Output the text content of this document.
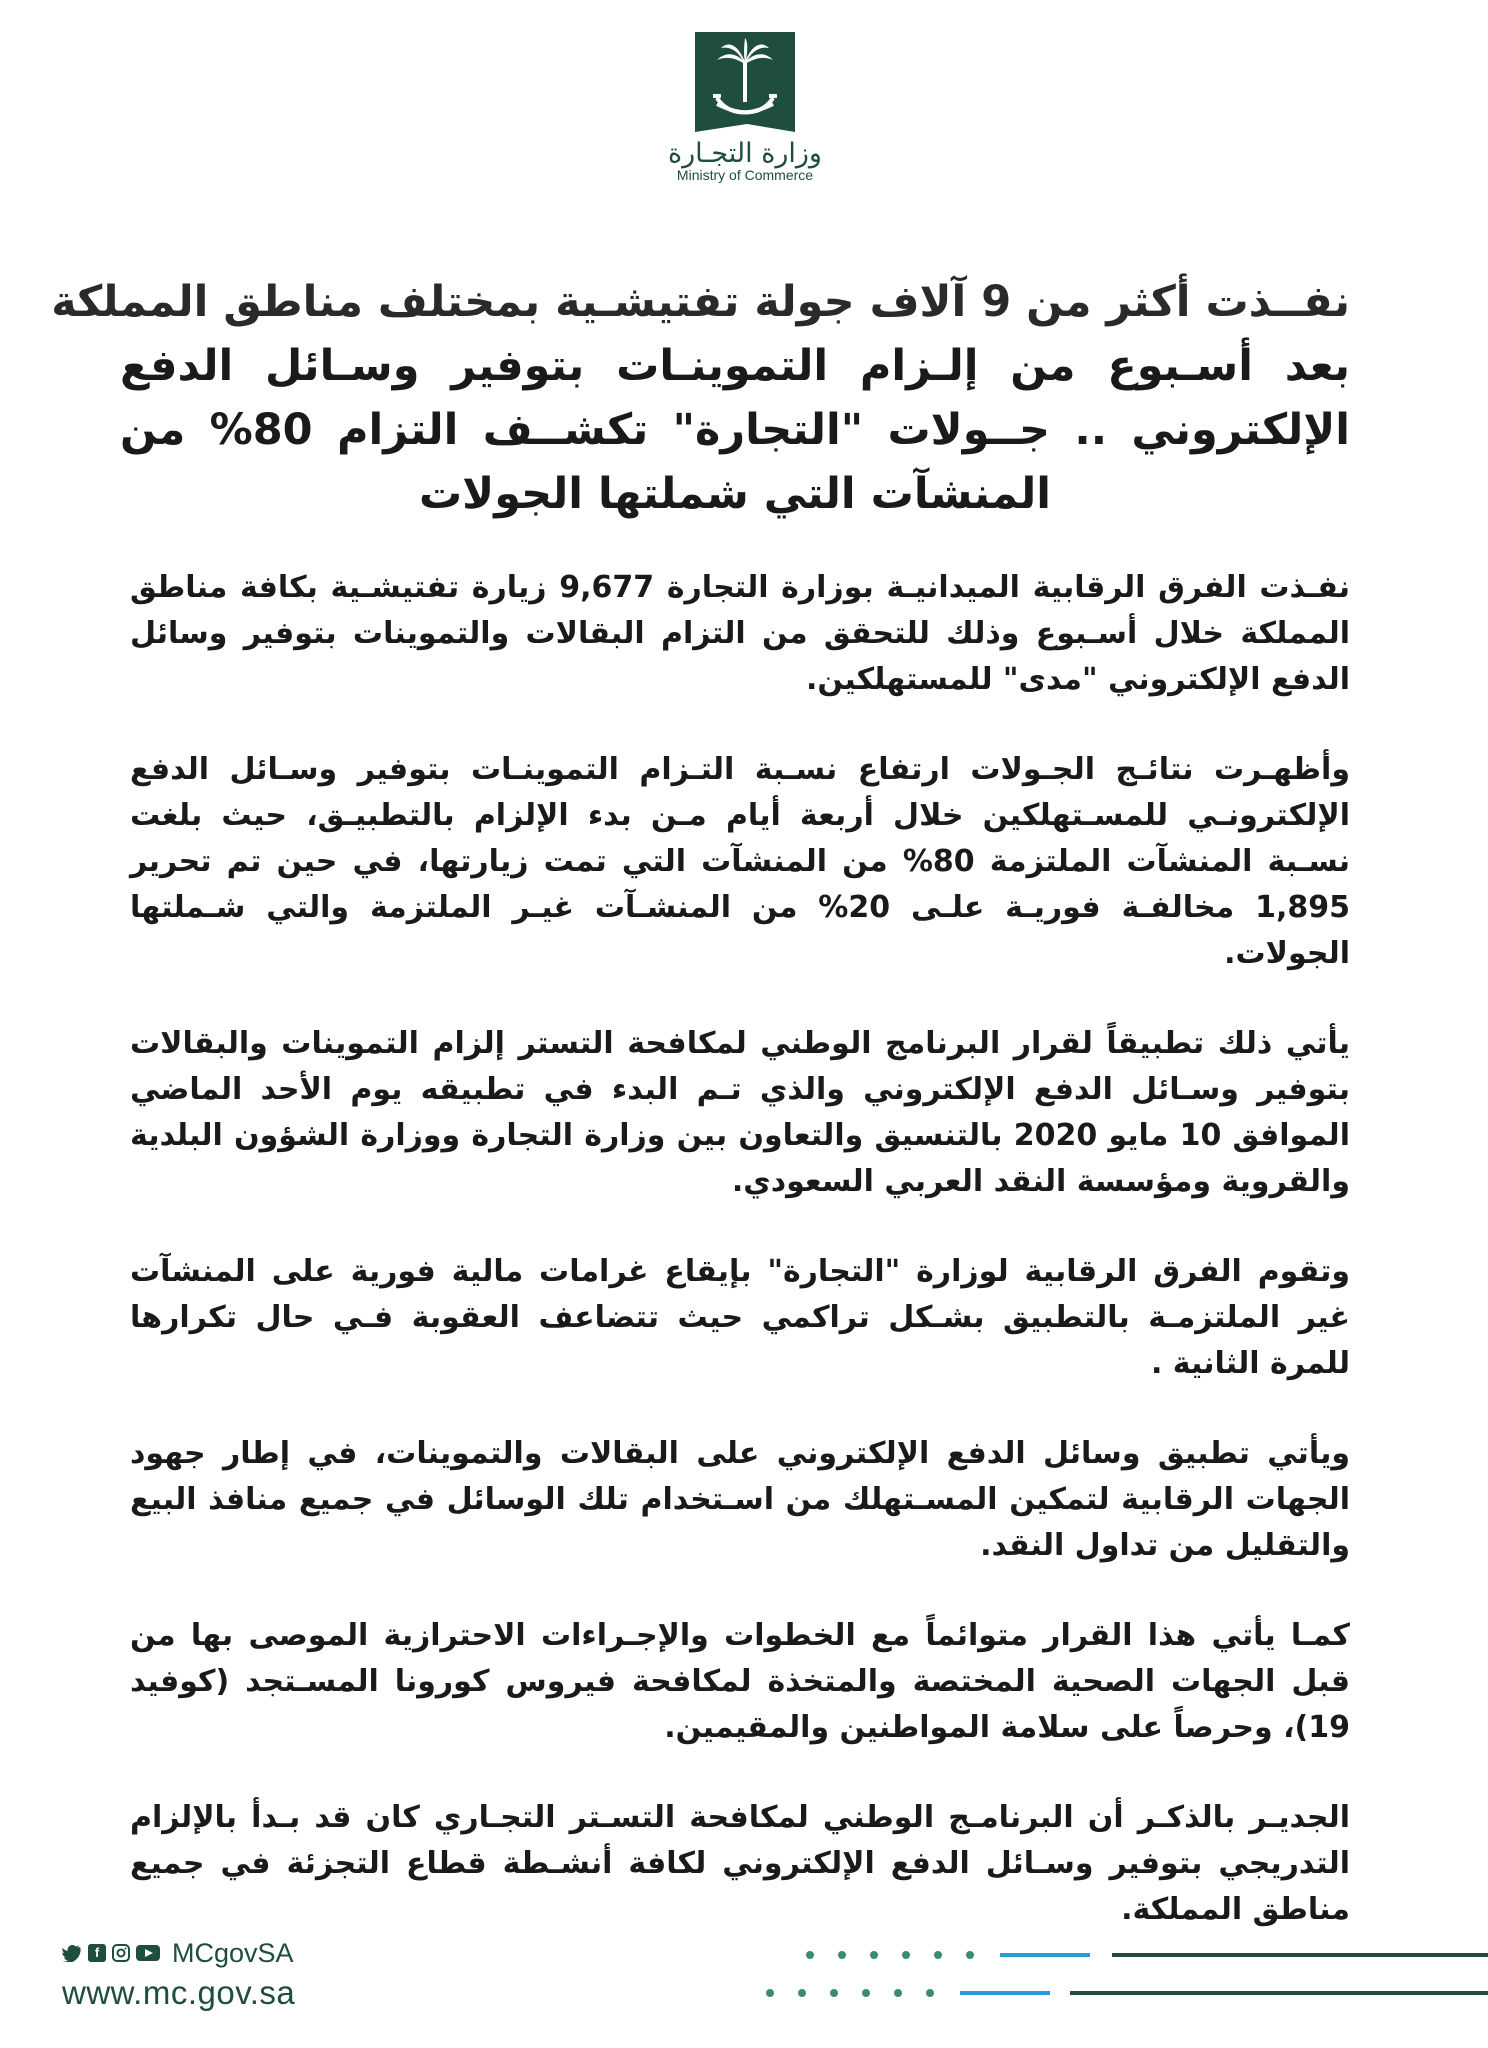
وزارة التجـارة
Ministry of Commerce
نفــذت أكثر من 9 آلاف جولة تفتيشـية بمختلف مناطق المملكة
بعد أسـبوع من إلـزام التموينـات بتوفير وسـائل الدفع
الإلكتروني .. جــولات "التجارة" تكشــف التزام 80% من
المنشآت التي شملتها الجولات

نفـذت الفرق الرقابية الميدانيـة بوزارة التجارة 9,677 زيارة تفتيشـية بكافة مناطق المملكة خلال أسـبوع وذلك للتحقق من التزام البقالات والتموينات بتوفير وسائل الدفع الإلكتروني "مدى" للمستهلكين.

وأظهـرت نتائـج الجـولات ارتفاع نسـبة التـزام التموينـات بتوفير وسـائل الدفع الإلكترونـي للمسـتهلكين خلال أربعة أيام مـن بدء الإلزام بالتطبيـق، حيث بلغت نسـبة المنشآت الملتزمة 80% من المنشآت التي تمت زيارتها، في حين تم تحرير 1,895 مخالفـة فوريـة علـى 20% من المنشـآت غيـر الملتزمة والتي شـملتها الجولات.

يأتي ذلك تطبيقاً لقرار البرنامج الوطني لمكافحة التستر إلزام التموينات والبقالات بتوفير وسـائل الدفع الإلكتروني والذي تـم البدء في تطبيقه يوم الأحد الماضي الموافق 10 مايو 2020 بالتنسيق والتعاون بين وزارة التجارة ووزارة الشؤون البلدية والقروية ومؤسسة النقد العربي السعودي.

وتقوم الفرق الرقابية لوزارة "التجارة" بإيقاع غرامات مالية فورية على المنشآت غير الملتزمـة بالتطبيق بشـكل تراكمي حيث تتضاعف العقوبة فـي حال تكرارها للمرة الثانية .

ويأتي تطبيق وسائل الدفع الإلكتروني على البقالات والتموينات، في إطار جهود الجهات الرقابية لتمكين المسـتهلك من اسـتخدام تلك الوسائل في جميع منافذ البيع والتقليل من تداول النقد.

كمـا يأتي هذا القرار متوائماً مع الخطوات والإجـراءات الاحترازية الموصى بها من قبل الجهات الصحية المختصة والمتخذة لمكافحة فيروس كورونا المسـتجد (كوفيد 19)، وحرصاً على سلامة المواطنين والمقيمين.

الجديـر بالذكـر أن البرنامـج الوطني لمكافحة التسـتر التجـاري كان قد بـدأ بالإلزام التدريجي بتوفير وسـائل الدفع الإلكتروني لكافة أنشـطة قطاع التجزئة في جميع مناطق المملكة.

f	MCgovSA
www.mc.gov.sa
